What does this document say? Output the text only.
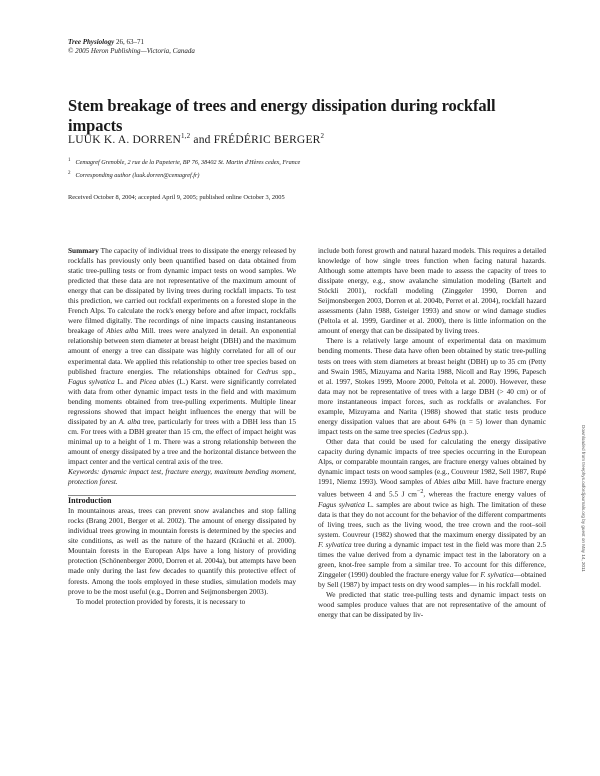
Tree Physiology 26, 63–71
© 2005 Heron Publishing—Victoria, Canada
Stem breakage of trees and energy dissipation during rockfall impacts
LUUK K. A. DORREN$^{1,2}$ and FRÉDÉRIC BERGER$^2$
$^1$ Cemagref Grenoble, 2 rue de la Papeterie, BP 76, 38402 St. Martin d'Hères cedex, France
$^2$ Corresponding author (luuk.dorren@cemagref.fr)
Received October 8, 2004; accepted April 9, 2005; published online October 3, 2005

Summary The capacity of individual trees to dissipate the energy released by rockfalls has previously only been quantified based on data obtained from static tree-pulling tests or from dynamic impact tests on wood samples. We predicted that these data are not representative of the maximum amount of energy that can be dissipated by living trees during rockfall impacts. To test this prediction, we carried out rockfall experiments on a forested slope in the French Alps. To calculate the rock's energy before and after impact, rockfalls were filmed digitally. The recordings of nine impacts causing instantaneous breakage of Abies alba Mill. trees were analyzed in detail. An exponential relationship between stem diameter at breast height (DBH) and the maximum amount of energy a tree can dissipate was highly correlated for all of our experimental data. We applied this relationship to other tree species based on published fracture energies. The relationships obtained for Cedrus spp., Fagus sylvatica L. and Picea abies (L.) Karst. were significantly correlated with data from other dynamic impact tests in the field and with maximum bending moments obtained from tree-pulling experiments. Multiple linear regressions showed that impact height influences the energy that will be dissipated by an A. alba tree, particularly for trees with a DBH less than 15 cm. For trees with a DBH greater than 15 cm, the effect of impact height was minimal up to a height of 1 m. There was a strong relationship between the amount of energy dissipated by a tree and the horizontal distance between the impact center and the vertical central axis of the tree.

Keywords: dynamic impact test, fracture energy, maximum bending moment, protection forest.

Introduction

In mountainous areas, trees can prevent snow avalanches and stop falling rocks (Brang 2001, Berger et al. 2002). The amount of energy dissipated by individual trees growing in mountain forests is determined by the species and site conditions, as well as the nature of the hazard (Kräuchi et al. 2000). Mountain forests in the European Alps have a long history of providing protection (Schönenberger 2000, Dorren et al. 2004a), but attempts have been made only during the last few decades to quantify this protective effect of forests. Among the tools employed in these studies, simulation models may prove to be the most useful (e.g., Dorren and Seijmonsbergen 2003).

To model protection provided by forests, it is necessary to

include both forest growth and natural hazard models. This requires a detailed knowledge of how single trees function when facing natural hazards. Although some attempts have been made to assess the capacity of trees to dissipate energy, e.g., snow avalanche simulation modeling (Bartelt and Stöckli 2001), rockfall modeling (Zinggeler 1990, Dorren and Seijmonsbergen 2003, Dorren et al. 2004b, Perret et al. 2004), rockfall hazard assessments (Jahn 1988, Gsteiger 1993) and snow or wind damage studies (Peltola et al. 1999, Gardiner et al. 2000), there is little information on the amount of energy that can be dissipated by living trees.

There is a relatively large amount of experimental data on maximum bending moments. These data have often been obtained by static tree-pulling tests on trees with stem diameters at breast height (DBH) up to 35 cm (Petty and Swain 1985, Mizuyama and Narita 1988, Nicoll and Ray 1996, Papesch et al. 1997, Stokes 1999, Moore 2000, Peltola et al. 2000). However, these data may not be representative of trees with a large DBH (> 40 cm) or of more instantaneous impact forces, such as rockfalls or avalanches. For example, Mizuyama and Narita (1988) showed that static tests produce energy dissipation values that are about 64% (n = 5) lower than dynamic impact tests on the same tree species (Cedrus spp.).

Other data that could be used for calculating the energy dissipative capacity during dynamic impacts of tree species occurring in the European Alps, or comparable mountain ranges, are fracture energy values obtained by dynamic impact tests on wood samples (e.g., Couvreur 1982, Sell 1987, Rupé 1991, Niemz 1993). Wood samples of Abies alba Mill. have fracture energy values between 4 and 5.5 J $cm^{-2}$, whereas the fracture energy values of Fagus sylvatica L. samples are about twice as high. The limitation of these data is that they do not account for the behavior of the different compartments of living trees, such as the living wood, the tree crown and the root–soil system. Couvreur (1982) showed that the maximum energy dissipated by an F. sylvatica tree during a dynamic impact test in the field was more than 2.5 times the value derived from a dynamic impact test in the laboratory on a green, knot-free sample from a similar tree. To account for this difference, Zinggeler (1990) doubled the fracture energy value for F. sylvatica—obtained by Sell (1987) by impact tests on dry wood samples— in his rockfall model.

We predicted that static tree-pulling tests and dynamic impact tests on wood samples produce values that are not representative of the amount of energy that can be dissipated by liv-

Downloaded from treephys.oxfordjournals.org by guest on May 14, 2011
